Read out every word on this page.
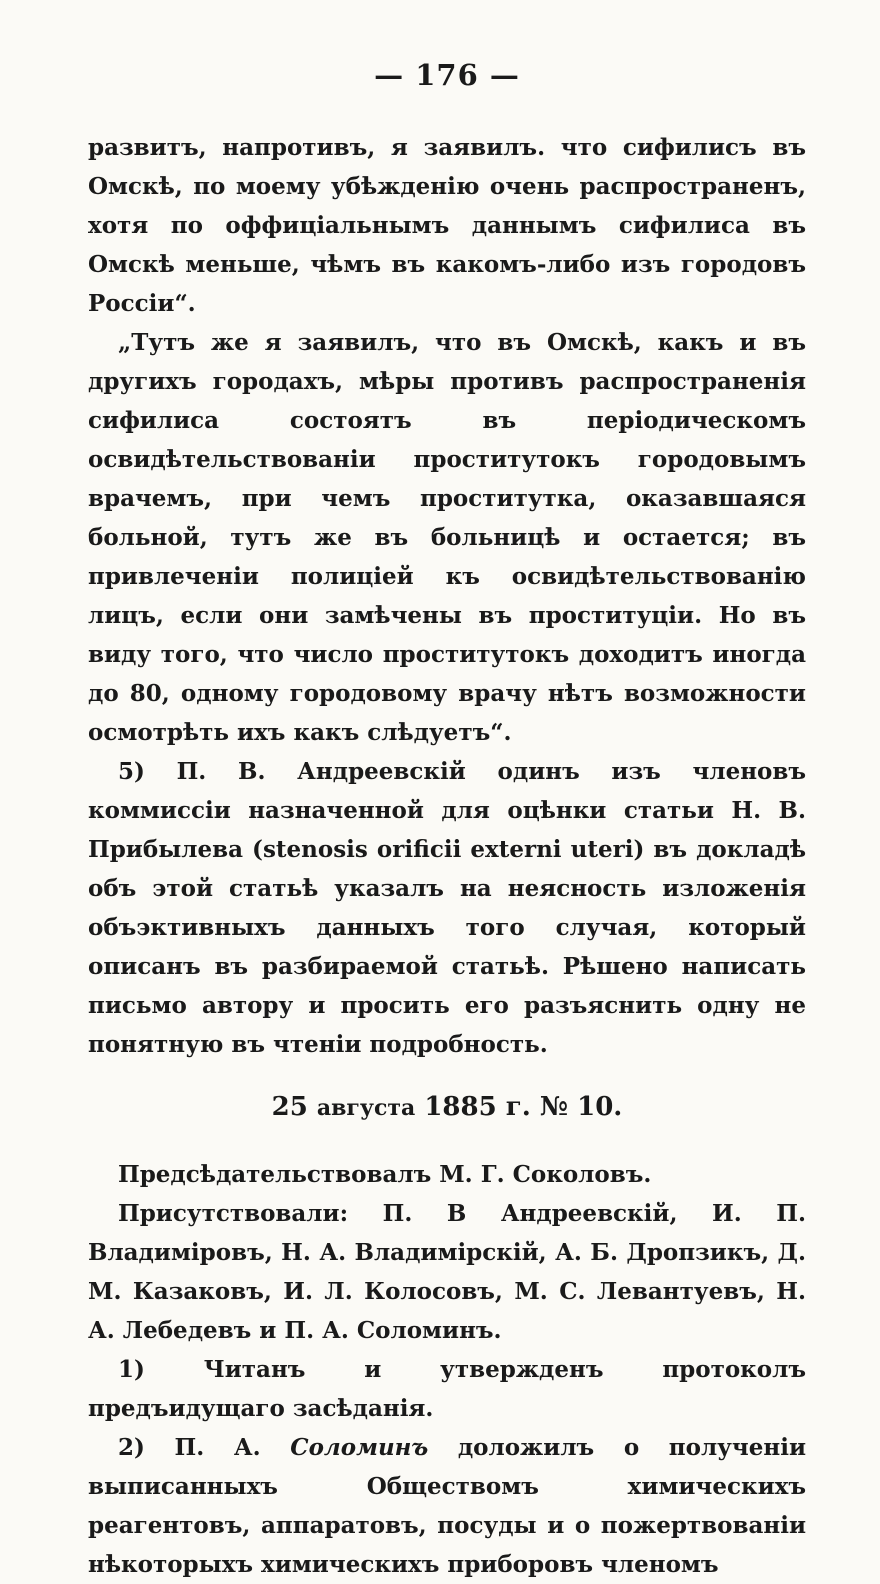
— 176 —

развитъ, напротивъ, я заявилъ. что сифилисъ въ Омскѣ, по моему убѣжденію очень распространенъ, хотя по оффиціальнымъ даннымъ сифилиса въ Омскѣ меньше, чѣмъ въ какомъ-либо изъ городовъ Россіи“.

„Тутъ же я заявилъ, что въ Омскѣ, какъ и въ другихъ городахъ, мѣры противъ распространенія сифилиса состоятъ въ періодическомъ освидѣтельствованіи проститутокъ городовымъ врачемъ, при чемъ проститутка, оказавшаяся больной, тутъ же въ больницѣ и остается; въ привлеченіи полиціей къ освидѣтельствованію лицъ, если они замѣчены въ проституціи. Но въ виду того, что число проститутокъ доходитъ иногда до 80, одному городовому врачу нѣтъ возможности осмотрѣть ихъ какъ слѣдуетъ“.

5) П. В. Андреевскій одинъ изъ членовъ коммиссіи назначенной для оцѣнки статьи Н. В. Прибылева (stenosis orificii externi uteri) въ докладѣ объ этой статьѣ указалъ на неясность изложенія объэктивныхъ данныхъ того случая, который описанъ въ разбираемой статьѣ. Рѣшено написать письмо автору и просить его разъяснить одну не понятную въ чтеніи подробность.

25 августа 1885 г. № 10.

Предсѣдательствовалъ М. Г. Соколовъ.

Присутствовали: П. В Андреевскій, И. П. Владиміровъ, Н. А. Владимірскій, А. Б. Дропзикъ, Д. М. Казаковъ, И. Л. Колосовъ, М. С. Левантуевъ, Н. А. Лебедевъ и П. А. Соломинъ.

1) Читанъ и утвержденъ протоколъ предъидущаго засѣданія.

2) П. А. Соломинъ доложилъ о полученіи выписанныхъ Обществомъ химическихъ реагентовъ, аппаратовъ, посуды и о пожертвованіи нѣкоторыхъ химическихъ приборовъ членомъ
